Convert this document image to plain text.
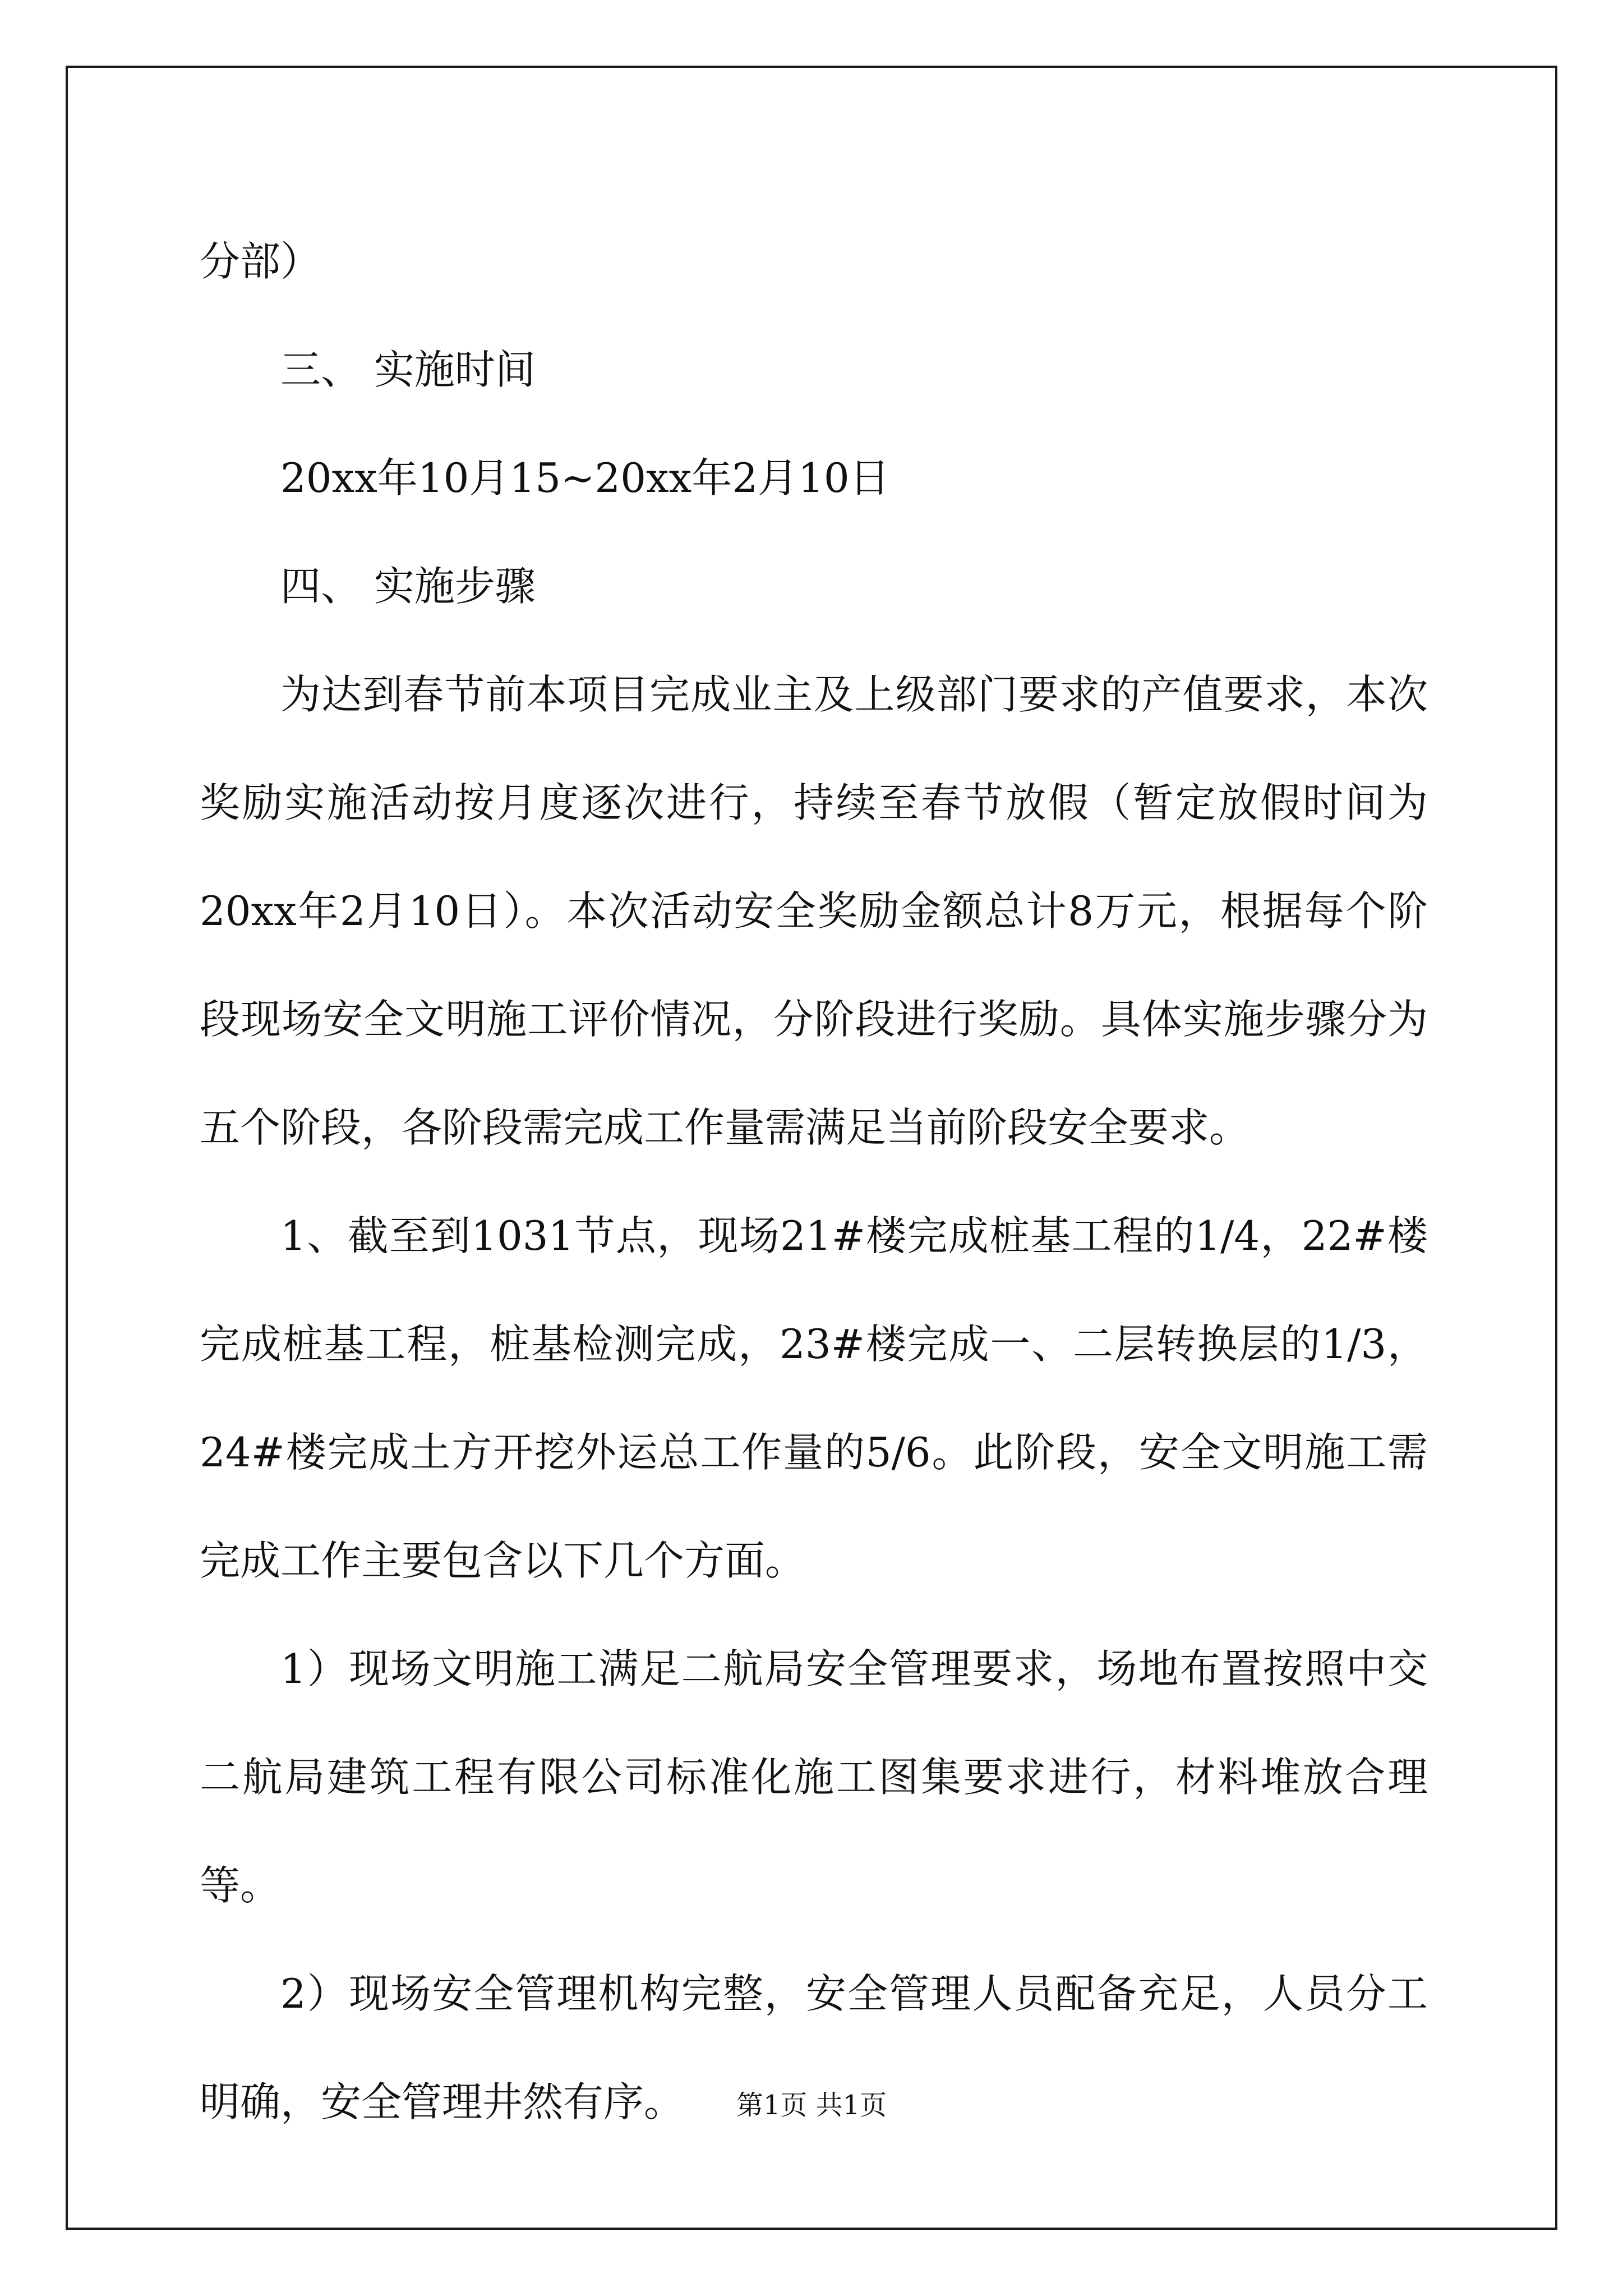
分部）

三、 实施时间

20xx年10月15~20xx年2月10日

四、 实施步骤

为达到春节前本项目完成业主及上级部门要求的产值要求，本次奖励实施活动按月度逐次进行，持续至春节放假（暂定放假时间为20xx年2月10日）。本次活动安全奖励金额总计8万元，根据每个阶段现场安全文明施工评价情况，分阶段进行奖励。具体实施步骤分为五个阶段，各阶段需完成工作量需满足当前阶段安全要求。

1、截至到1031节点，现场21#楼完成桩基工程的1/4，22#楼完成桩基工程，桩基检测完成，23#楼完成一、二层转换层的1/3，24#楼完成土方开挖外运总工作量的5/6。此阶段，安全文明施工需完成工作主要包含以下几个方面。

1）现场文明施工满足二航局安全管理要求，场地布置按照中交二航局建筑工程有限公司标准化施工图集要求进行，材料堆放合理等。

2）现场安全管理机构完整，安全管理人员配备充足，人员分工明确，安全管理井然有序。	第1页 共1页
